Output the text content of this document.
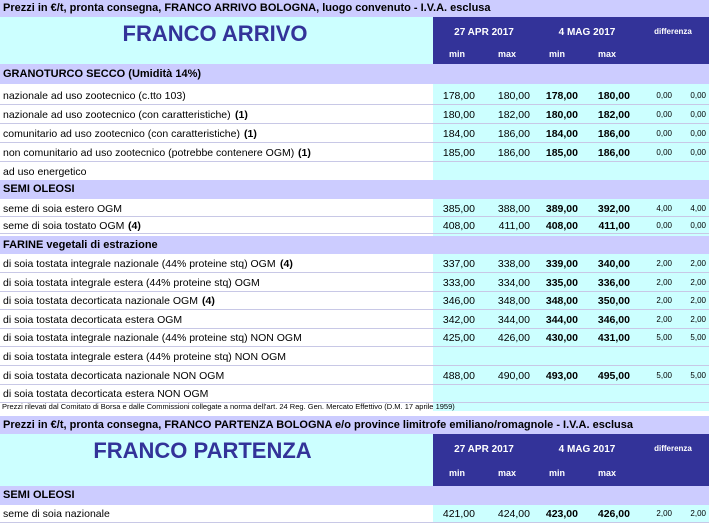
Prezzi in €/t, pronta consegna, FRANCO ARRIVO BOLOGNA, luogo convenuto - I.V.A. esclusa
FRANCO ARRIVO	27 APR 2017	4 MAG 2017	differenza
min	max	min	max
GRANOTURCO SECCO (Umidità 14%)
nazionale ad uso zootecnico (c.tto 103)	178,00	180,00	178,00	180,00	0,00	0,00
nazionale ad uso zootecnico (con caratteristiche) (1)	180,00	182,00	180,00	182,00	0,00	0,00
comunitario ad uso zootecnico (con caratteristiche) (1)	184,00	186,00	184,00	186,00	0,00	0,00
non comunitario ad uso zootecnico (potrebbe contenere OGM) (1)	185,00	186,00	185,00	186,00	0,00	0,00
ad uso energetico
SEMI OLEOSI
seme di soia estero OGM	385,00	388,00	389,00	392,00	4,00	4,00
seme di soia tostato OGM (4)	408,00	411,00	408,00	411,00	0,00	0,00
FARINE vegetali di estrazione
di soia tostata integrale nazionale (44% proteine stq) OGM (4)	337,00	338,00	339,00	340,00	2,00	2,00
di soia tostata integrale estera (44% proteine stq) OGM	333,00	334,00	335,00	336,00	2,00	2,00
di soia tostata decorticata nazionale OGM (4)	346,00	348,00	348,00	350,00	2,00	2,00
di soia tostata decorticata estera OGM	342,00	344,00	344,00	346,00	2,00	2,00
di soia tostata integrale nazionale (44% proteine stq) NON OGM	425,00	426,00	430,00	431,00	5,00	5,00
di soia tostata integrale estera (44% proteine stq) NON OGM
di soia tostata decorticata nazionale NON OGM	488,00	490,00	493,00	495,00	5,00	5,00
di soia tostata decorticata estera NON OGM
Prezzi rilevati dal Comitato di Borsa e dalle Commissioni collegate a norma dell'art. 24 Reg. Gen. Mercato Effettivo (D.M. 17 aprile 1959)
Prezzi in €/t, pronta consegna, FRANCO PARTENZA BOLOGNA e/o province limitrofe emiliano/romagnole - I.V.A. esclusa
FRANCO PARTENZA	27 APR 2017	4 MAG 2017	differenza
min	max	min	max
SEMI OLEOSI
seme di soia nazionale	421,00	424,00	423,00	426,00	2,00	2,00
